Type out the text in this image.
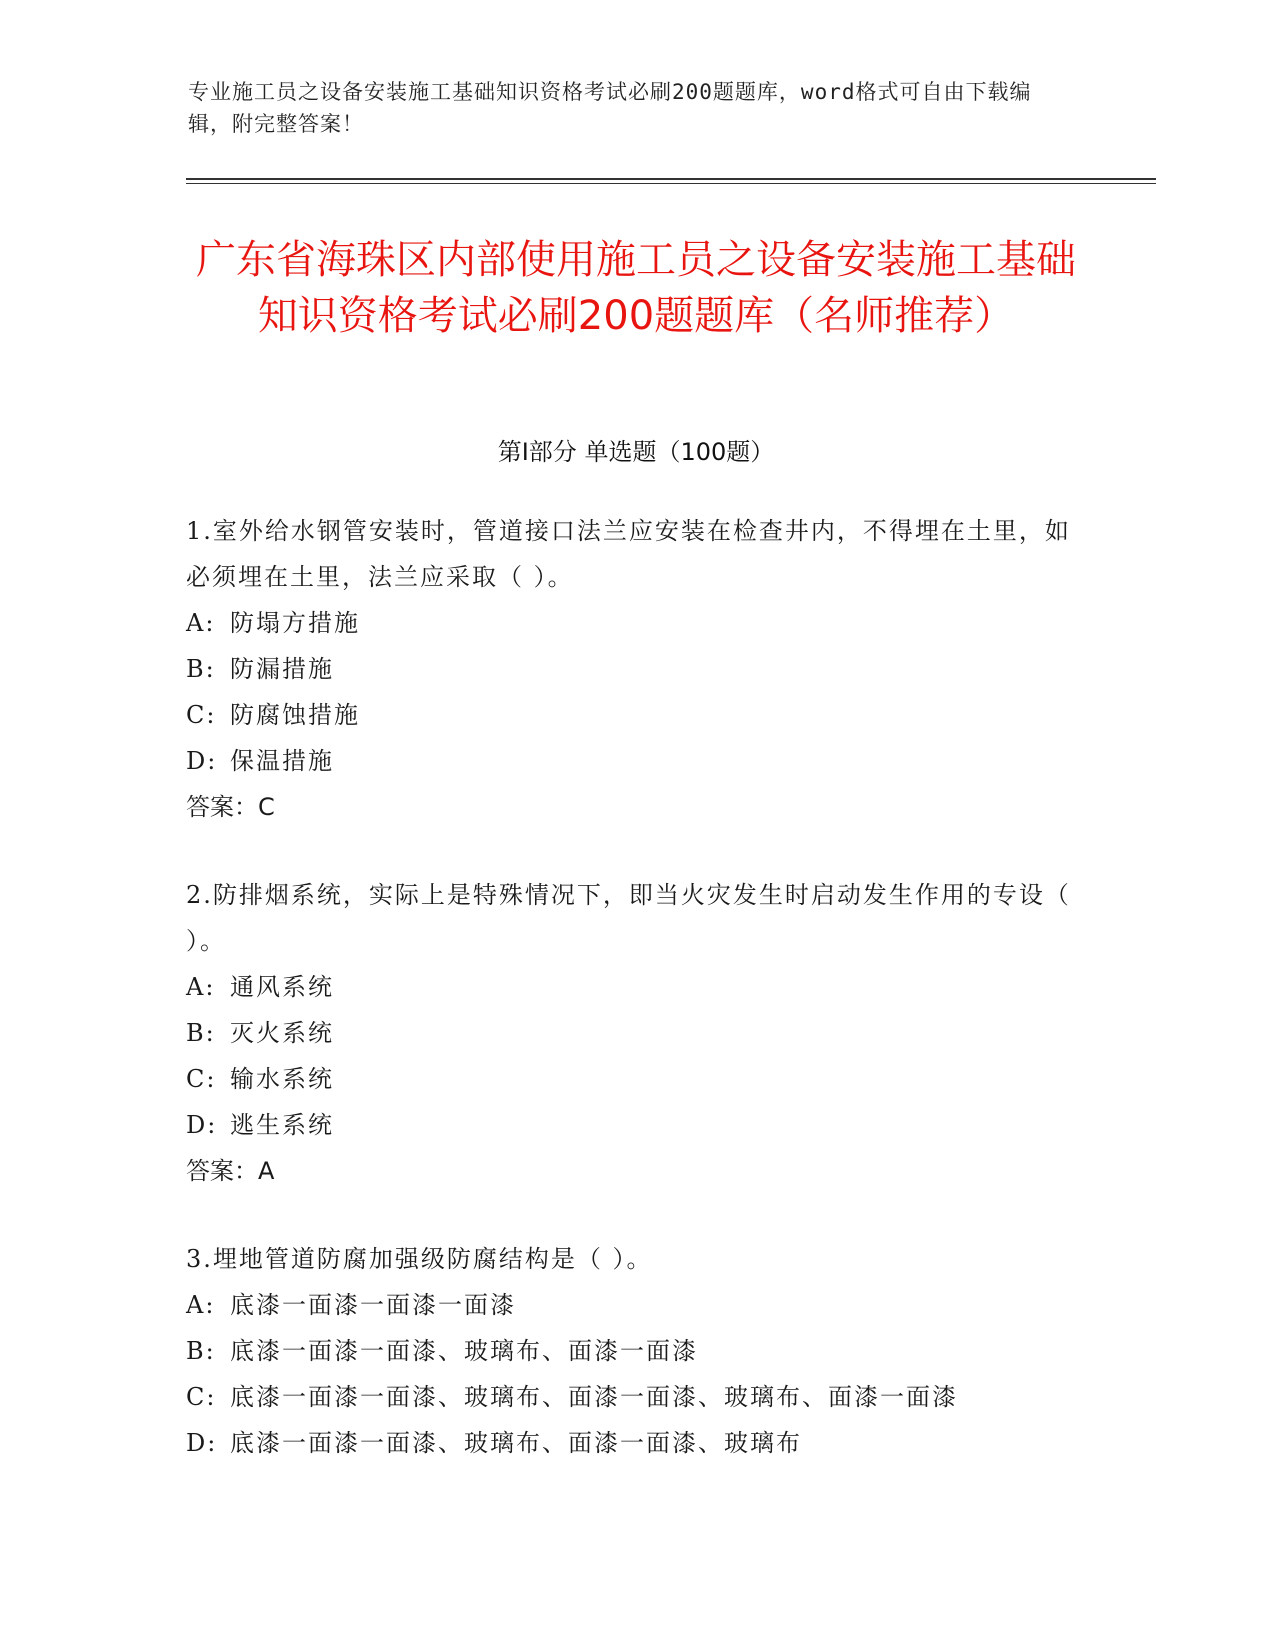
专业施工员之设备安装施工基础知识资格考试必刷200题题库，word格式可自由下载编辑，附完整答案！
广东省海珠区内部使用施工员之设备安装施工基础知识资格考试必刷200题题库（名师推荐）
第Ⅰ部分 单选题（100题）

1.室外给水钢管安装时，管道接口法兰应安装在检查井内，不得埋在土里，如必须埋在土里，法兰应采取（ ）。

A: 防塌方措施

B: 防漏措施

C: 防腐蚀措施

D: 保温措施

答案：C

2.防排烟系统，实际上是特殊情况下，即当火灾发生时启动发生作用的专设（ ）。

A: 通风系统

B: 灭火系统

C: 输水系统

D: 逃生系统

答案：A

3.埋地管道防腐加强级防腐结构是（ ）。

A: 底漆一面漆一面漆一面漆

B: 底漆一面漆一面漆、玻璃布、面漆一面漆

C: 底漆一面漆一面漆、玻璃布、面漆一面漆、玻璃布、面漆一面漆

D: 底漆一面漆一面漆、玻璃布、面漆一面漆、玻璃布
